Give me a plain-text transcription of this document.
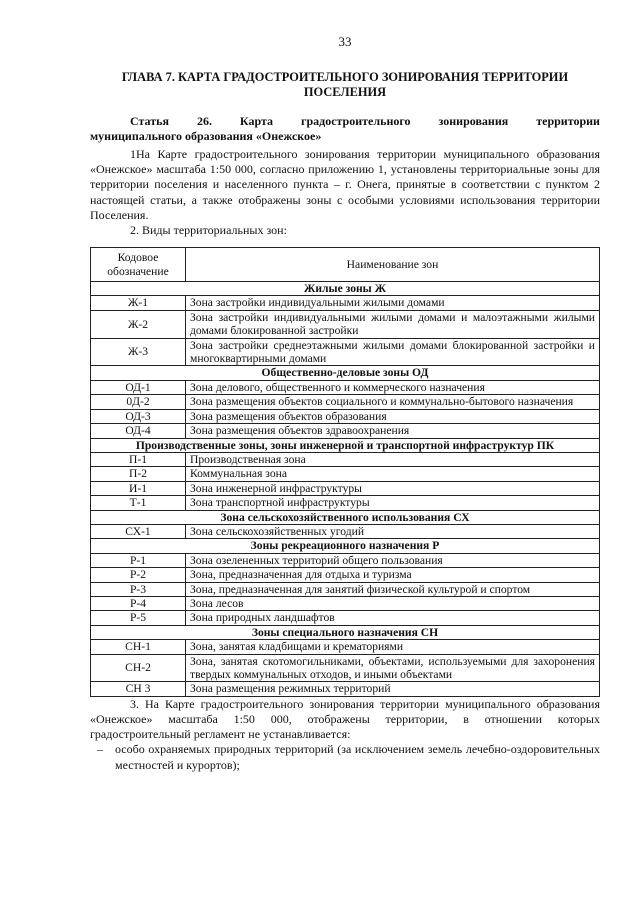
33
ГЛАВА 7. КАРТА ГРАДОСТРОИТЕЛЬНОГО ЗОНИРОВАНИЯ ТЕРРИТОРИИ ПОСЕЛЕНИЯ
Статья 26. Карта градостроительного зонирования территории
муниципального образования «Онежское»

1На Карте градостроительного зонирования территории муниципального образования «Онежское» масштаба 1:50 000, согласно приложению 1, установлены территориальные зоны для территории поселения и населенного пункта – г. Онега, принятые в соответствии с пунктом 2 настоящей статьи, а также отображены зоны с особыми условиями использования территории Поселения.

2. Виды территориальных зон:

Кодовое обозначение	Наименование зон
Жилые зоны Ж	
Ж-1	Зона застройки индивидуальными жилыми домами
Ж-2	Зона застройки индивидуальными жилыми домами и малоэтажными жилыми домами блокированной застройки
Ж-3	Зона застройки среднеэтажными жилыми домами блокированной застройки и многоквартирными домами
Общественно-деловые зоны ОД	
ОД-1	Зона делового, общественного и коммерческого назначения
0Д-2	Зона размещения объектов социального и коммунально-бытового назначения
ОД-3	Зона размещения объектов образования
ОД-4	Зона размещения объектов здравоохранения
Производственные зоны, зоны инженерной и транспортной инфраструктур ПК	
П-1	Производственная зона
П-2	Коммунальная зона
И-1	Зона инженерной инфраструктуры
Т-1	Зона транспортной инфраструктуры
Зона сельскохозяйственного использования СХ	
СХ-1	Зона сельскохозяйственных угодий
Зоны рекреационного назначения Р	
Р-1	Зона озелененных территорий общего пользования
Р-2	Зона, предназначенная для отдыха и туризма
Р-3	Зона, предназначенная для занятий физической культурой и спортом
Р-4	Зона лесов
Р-5	Зона природных ландшафтов
Зоны специального назначения СН	
СН-1	Зона, занятая кладбищами и крематориями
СН-2	Зона, занятая скотомогильниками, объектами, используемыми для захоронения твердых коммунальных отходов, и иными объектами
СН 3	Зона размещения режимных территорий

3. На Карте градостроительного зонирования территории муниципального образования «Онежское» масштаба 1:50 000, отображены территории, в отношении которых градостроительный регламент не устанавливается:

– особо охраняемых природных территорий (за исключением земель лечебно-оздоровительных местностей и курортов);
